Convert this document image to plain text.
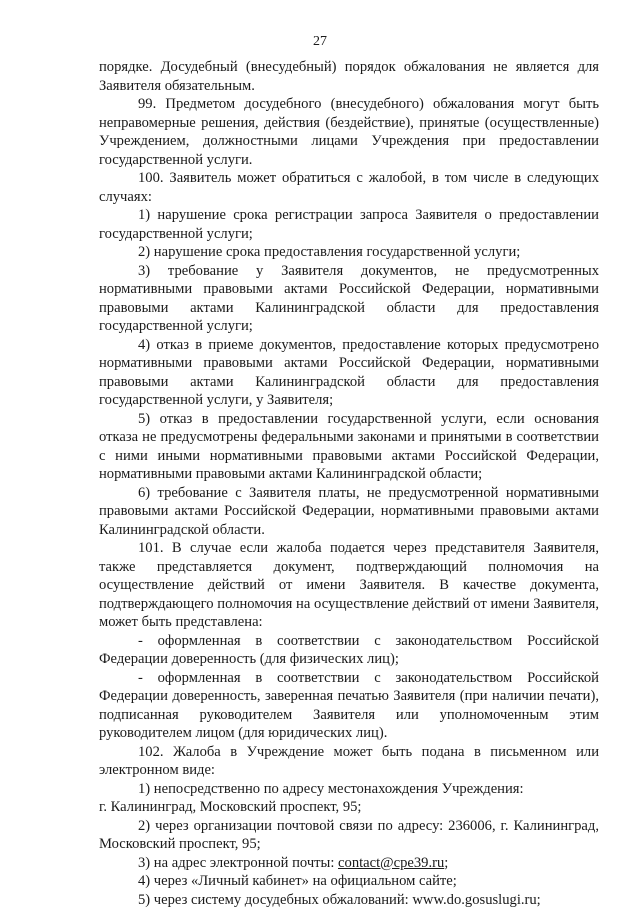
27

порядке. Досудебный (внесудебный) порядок обжалования не является для Заявителя обязательным.

99. Предметом досудебного (внесудебного) обжалования могут быть неправомерные решения, действия (бездействие), принятые (осуществленные) Учреждением, должностными лицами Учреждения при предоставлении государственной услуги.

100. Заявитель может обратиться с жалобой, в том числе в следующих случаях:

1) нарушение срока регистрации запроса Заявителя о предоставлении государственной услуги;

2) нарушение срока предоставления государственной услуги;

3) требование у Заявителя документов, не предусмотренных нормативными правовыми актами Российской Федерации, нормативными правовыми актами Калининградской области для предоставления государственной услуги;

4) отказ в приеме документов, предоставление которых предусмотрено нормативными правовыми актами Российской Федерации, нормативными правовыми актами Калининградской области для предоставления государственной услуги, у Заявителя;

5) отказ в предоставлении государственной услуги, если основания отказа не предусмотрены федеральными законами и принятыми в соответствии с ними иными нормативными правовыми актами Российской Федерации, нормативными правовыми актами Калининградской области;

6) требование с Заявителя платы, не предусмотренной нормативными правовыми актами Российской Федерации, нормативными правовыми актами Калининградской области.

101. В случае если жалоба подается через представителя Заявителя, также представляется документ, подтверждающий полномочия на осуществление действий от имени Заявителя. В качестве документа, подтверждающего полномочия на осуществление действий от имени Заявителя, может быть представлена:

- оформленная в соответствии с законодательством Российской Федерации доверенность (для физических лиц);

- оформленная в соответствии с законодательством Российской Федерации доверенность, заверенная печатью Заявителя (при наличии печати), подписанная руководителем Заявителя или уполномоченным этим руководителем лицом (для юридических лиц).

102. Жалоба в Учреждение может быть подана в письменном или электронном виде:

1) непосредственно по адресу местонахождения Учреждения:

г. Калининград, Московский проспект, 95;

2) через организации почтовой связи по адресу: 236006, г. Калининград, Московский проспект, 95;

3) на адрес электронной почты: contact@cpe39.ru;

4) через «Личный кабинет» на официальном сайте;

5) через систему досудебных обжалований: www.do.gosuslugi.ru;
